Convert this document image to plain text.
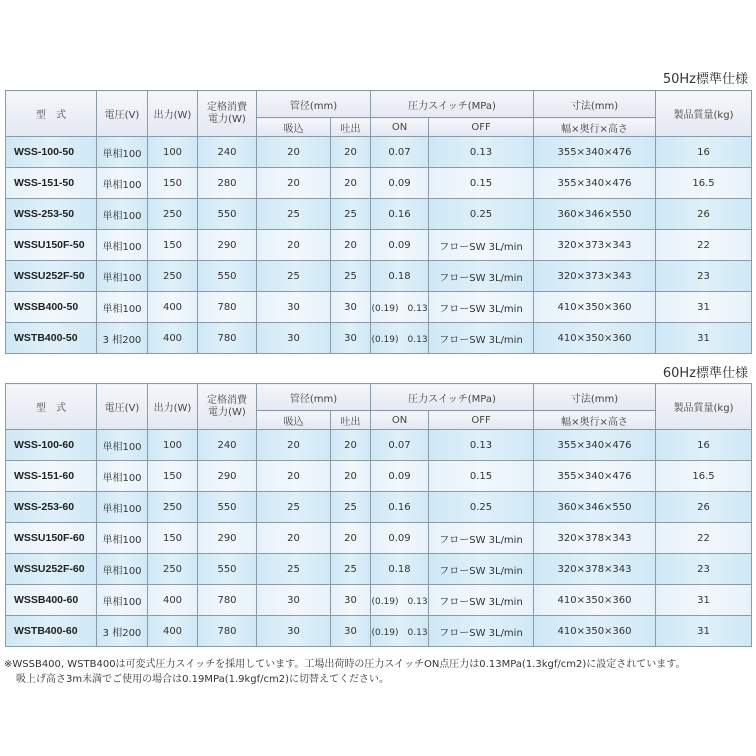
50Hz標準仕様
型　式	電圧(V)	出力(W)	定格消費電力(W)	管径(mm)		圧力スイッチ(MPa)		寸法(mm)	製品質量(kg)
				吸込	吐出	ON	OFF	幅×奥行×高さ	
WSS-100-50	単相100	100	240	20	20	0.07	0.13	355×340×476	16
WSS-151-50	単相100	150	280	20	20	0.09	0.15	355×340×476	16.5
WSS-253-50	単相100	250	550	25	25	0.16	0.25	360×346×550	26
WSSU150F-50	単相100	150	290	20	20	0.09	フローSW 3L/min	320×373×343	22
WSSU252F-50	単相100	250	550	25	25	0.18	フローSW 3L/min	320×373×343	23
WSSB400-50	単相100	400	780	30	30	(0.19)　0.13	フローSW 3L/min	410×350×360	31
WSTB400-50	3 相200	400	780	30	30	(0.19)　0.13	フローSW 3L/min	410×350×360	31
60Hz標準仕様
型　式	電圧(V)	出力(W)	定格消費電力(W)	管径(mm)		圧力スイッチ(MPa)		寸法(mm)	製品質量(kg)
				吸込	吐出	ON	OFF	幅×奥行×高さ	
WSS-100-60	単相100	100	240	20	20	0.07	0.13	355×340×476	16
WSS-151-60	単相100	150	290	20	20	0.09	0.15	355×340×476	16.5
WSS-253-60	単相100	250	550	25	25	0.16	0.25	360×346×550	26
WSSU150F-60	単相100	150	290	20	20	0.09	フローSW 3L/min	320×378×343	22
WSSU252F-60	単相100	250	550	25	25	0.18	フローSW 3L/min	320×378×343	23
WSSB400-60	単相100	400	780	30	30	(0.19)　0.13	フローSW 3L/min	410×350×360	31
WSTB400-60	3 相200	400	780	30	30	(0.19)　0.13	フローSW 3L/min	410×350×360	31
※WSSB400, WSTB400は可変式圧力スイッチを採用しています。工場出荷時の圧力スイッチON点圧力は0.13MPa(1.3kgf/cm2)に設定されています。
吸上げ高さ3m未満でご使用の場合は0.19MPa(1.9kgf/cm2)に切替えてください。
